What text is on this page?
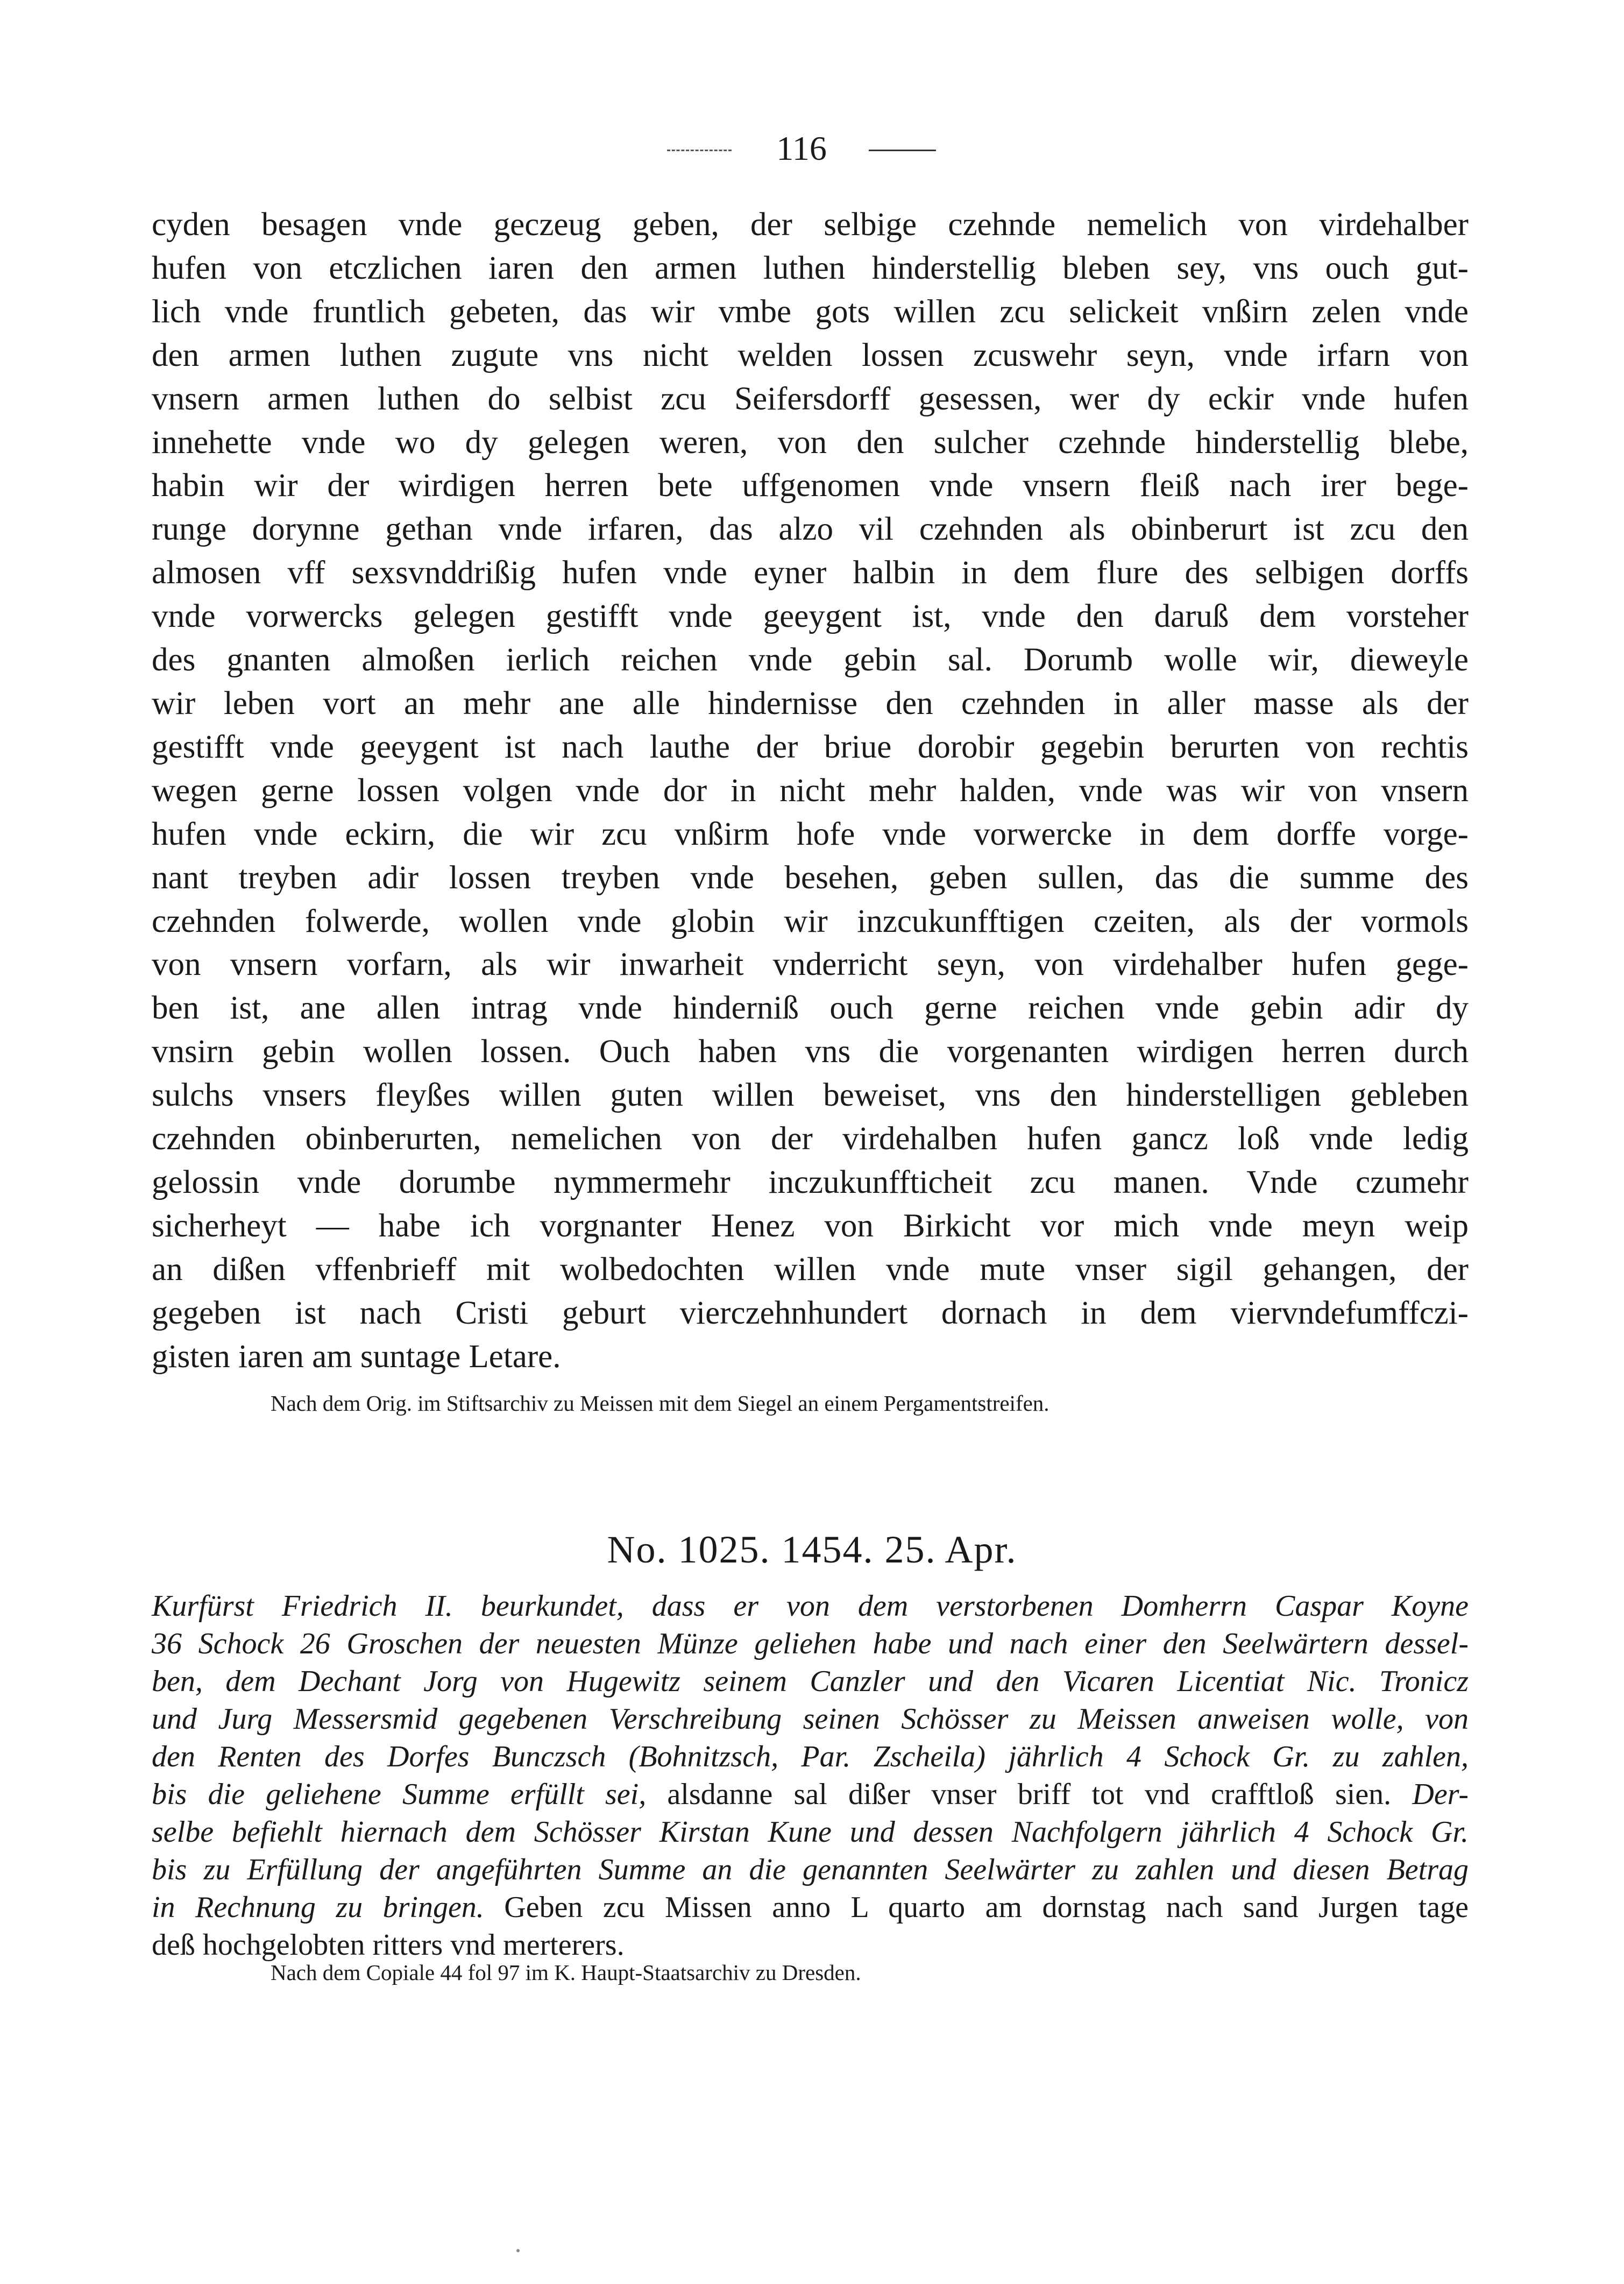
116
cyden besagen vnde geczeug geben, der selbige czehnde nemelich von virdehalber
hufen von etczlichen iaren den armen luthen hinderstellig bleben sey, vns ouch gut-
lich vnde fruntlich gebeten, das wir vmbe gots willen zcu selickeit vnßirn zelen vnde
den armen luthen zugute vns nicht welden lossen zcuswehr seyn, vnde irfarn von
vnsern armen luthen do selbist zcu Seifersdorff gesessen, wer dy eckir vnde hufen
innehette vnde wo dy gelegen weren, von den sulcher czehnde hinderstellig blebe,
habin wir der wirdigen herren bete uffgenomen vnde vnsern fleiß nach irer bege-
runge dorynne gethan vnde irfaren, das alzo vil czehnden als obinberurt ist zcu den
almosen vff sexsvnddrißig hufen vnde eyner halbin in dem flure des selbigen dorffs
vnde vorwercks gelegen gestifft vnde geeygent ist, vnde den daruß dem vorsteher
des gnanten almoßen ierlich reichen vnde gebin sal. Dorumb wolle wir, dieweyle
wir leben vort an mehr ane alle hindernisse den czehnden in aller masse als der
gestifft vnde geeygent ist nach lauthe der briue dorobir gegebin berurten von rechtis
wegen gerne lossen volgen vnde dor in nicht mehr halden, vnde was wir von vnsern
hufen vnde eckirn, die wir zcu vnßirm hofe vnde vorwercke in dem dorffe vorge-
nant treyben adir lossen treyben vnde besehen, geben sullen, das die summe des
czehnden folwerde, wollen vnde globin wir inzcukunfftigen czeiten, als der vormols
von vnsern vorfarn, als wir inwarheit vnderricht seyn, von virdehalber hufen gege-
ben ist, ane allen intrag vnde hinderniß ouch gerne reichen vnde gebin adir dy
vnsirn gebin wollen lossen. Ouch haben vns die vorgenanten wirdigen herren durch
sulchs vnsers fleyßes willen guten willen beweiset, vns den hinderstelligen gebleben
czehnden obinberurten, nemelichen von der virdehalben hufen gancz loß vnde ledig
gelossin vnde dorumbe nymmermehr inczukunffticheit zcu manen. Vnde czumehr
sicherheyt — habe ich vorgnanter Henez von Birkicht vor mich vnde meyn weip
an dißen vffenbrieff mit wolbedochten willen vnde mute vnser sigil gehangen, der
gegeben ist nach Cristi geburt vierczehnhundert dornach in dem viervndefumffczi-
gisten iaren am suntage Letare.
Nach dem Orig. im Stiftsarchiv zu Meissen mit dem Siegel an einem Pergamentstreifen.
No. 1025. 1454. 25. Apr.
Kurfürst Friedrich II. beurkundet, dass er von dem verstorbenen Domherrn Caspar Koyne
36 Schock 26 Groschen der neuesten Münze geliehen habe und nach einer den Seelwärtern dessel-
ben, dem Dechant Jorg von Hugewitz seinem Canzler und den Vicaren Licentiat Nic. Tronicz
und Jurg Messersmid gegebenen Verschreibung seinen Schösser zu Meissen anweisen wolle, von
den Renten des Dorfes Bunczsch (Bohnitzsch, Par. Zscheila) jährlich 4 Schock Gr. zu zahlen,
bis die geliehene Summe erfüllt sei, alsdanne sal dißer vnser briff tot vnd crafftloß sien. Der-
selbe befiehlt hiernach dem Schösser Kirstan Kune und dessen Nachfolgern jährlich 4 Schock Gr.
bis zu Erfüllung der angeführten Summe an die genannten Seelwärter zu zahlen und diesen Betrag
in Rechnung zu bringen. Geben zcu Missen anno L quarto am dornstag nach sand Jurgen tage
deß hochgelobten ritters vnd merterers.
Nach dem Copiale 44 fol 97 im K. Haupt-Staatsarchiv zu Dresden.
